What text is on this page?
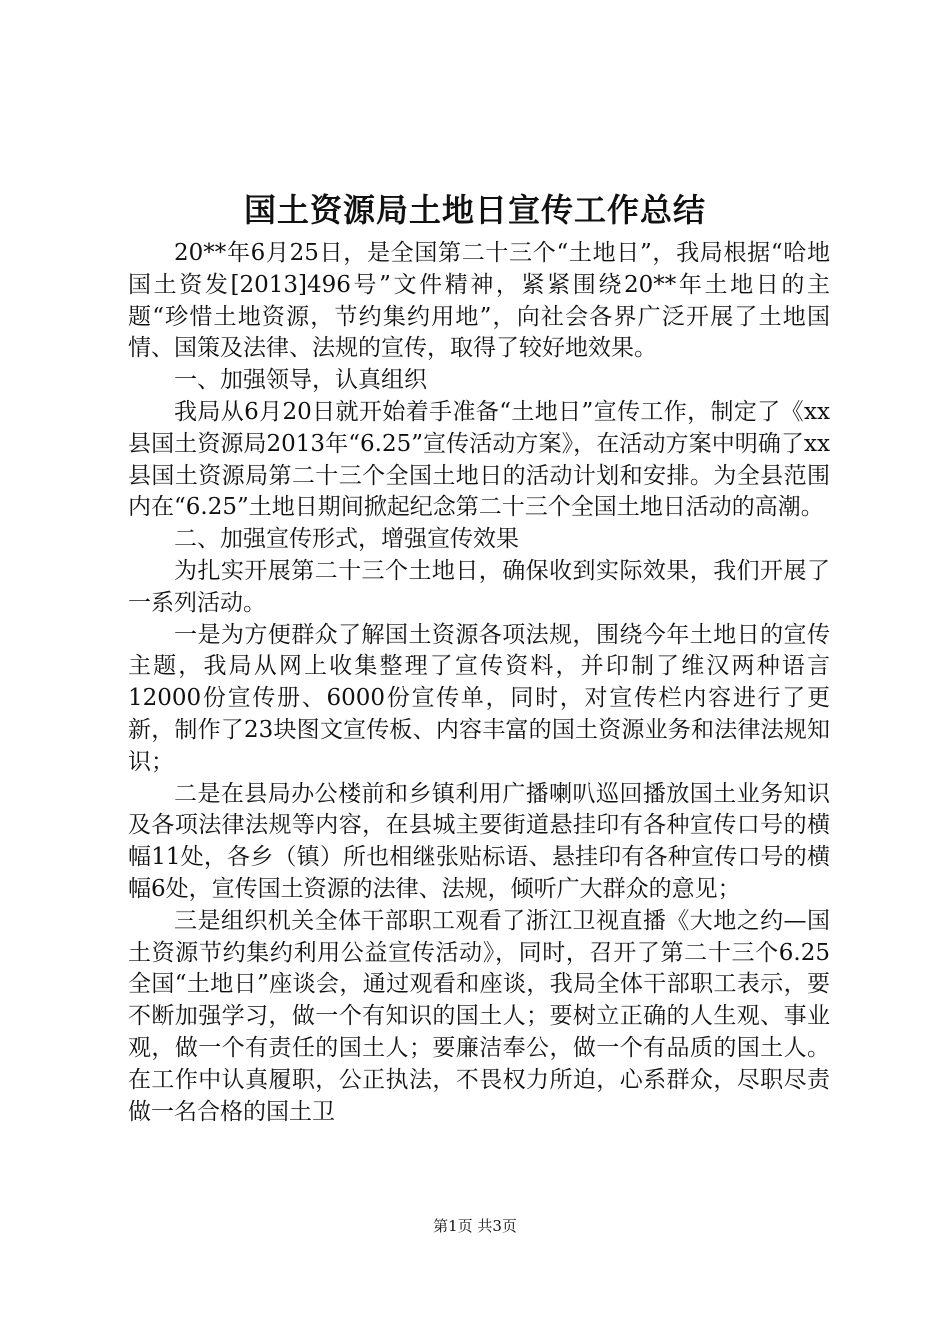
国土资源局土地日宣传工作总结

20**年6月25日，是全国第二十三个“土地日”，我局根据“哈地国土资发[2013]496号”文件精神，紧紧围绕20**年土地日的主题“珍惜土地资源，节约集约用地”，向社会各界广泛开展了土地国情、国策及法律、法规的宣传，取得了较好地效果。

一、加强领导，认真组织

我局从6月20日就开始着手准备“土地日”宣传工作，制定了《xx县国土资源局2013年“6.25”宣传活动方案》，在活动方案中明确了xx县国土资源局第二十三个全国土地日的活动计划和安排。为全县范围内在“6.25”土地日期间掀起纪念第二十三个全国土地日活动的高潮。

二、加强宣传形式，增强宣传效果

为扎实开展第二十三个土地日，确保收到实际效果，我们开展了一系列活动。

一是为方便群众了解国土资源各项法规，围绕今年土地日的宣传主题，我局从网上收集整理了宣传资料，并印制了维汉两种语言12000份宣传册、6000份宣传单，同时，对宣传栏内容进行了更新，制作了23块图文宣传板、内容丰富的国土资源业务和法律法规知识；

二是在县局办公楼前和乡镇利用广播喇叭巡回播放国土业务知识及各项法律法规等内容，在县城主要街道悬挂印有各种宣传口号的横幅11处，各乡（镇）所也相继张贴标语、悬挂印有各种宣传口号的横幅6处，宣传国土资源的法律、法规，倾听广大群众的意见；

三是组织机关全体干部职工观看了浙江卫视直播《大地之约—国土资源节约集约利用公益宣传活动》，同时，召开了第二十三个6.25全国“土地日”座谈会，通过观看和座谈，我局全体干部职工表示，要不断加强学习，做一个有知识的国土人；要树立正确的人生观、事业观，做一个有责任的国土人；要廉洁奉公，做一个有品质的国土人。在工作中认真履职，公正执法，不畏权力所迫，心系群众，尽职尽责做一名合格的国土卫

第1页 共3页
